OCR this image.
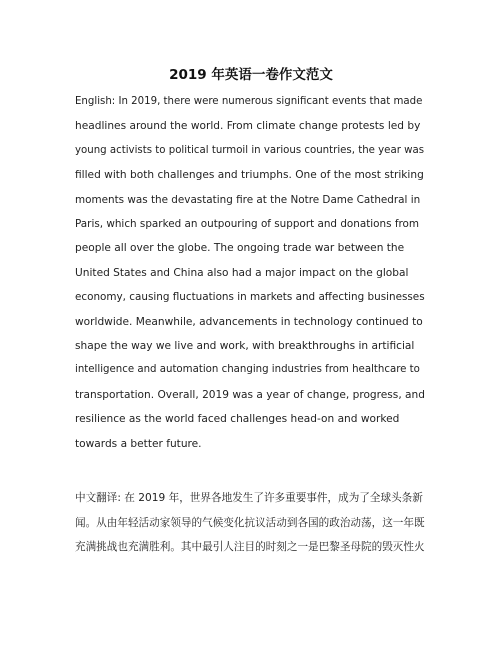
2019 年英语一卷作文范文
English: In 2019, there were numerous significant events that made
headlines around the world. From climate change protests led by
young activists to political turmoil in various countries, the year was
filled with both challenges and triumphs. One of the most striking
moments was the devastating fire at the Notre Dame Cathedral in
Paris, which sparked an outpouring of support and donations from
people all over the globe. The ongoing trade war between the
United States and China also had a major impact on the global
economy, causing fluctuations in markets and affecting businesses
worldwide. Meanwhile, advancements in technology continued to
shape the way we live and work, with breakthroughs in artificial
intelligence and automation changing industries from healthcare to
transportation. Overall, 2019 was a year of change, progress, and
resilience as the world faced challenges head-on and worked
towards a better future.
中文翻译: 在 2019 年，世界各地发生了许多重要事件，成为了全球头条新
闻。从由年轻活动家领导的气候变化抗议活动到各国的政治动荡，这一年既
充满挑战也充满胜利。其中最引人注目的时刻之一是巴黎圣母院的毁灭性火
